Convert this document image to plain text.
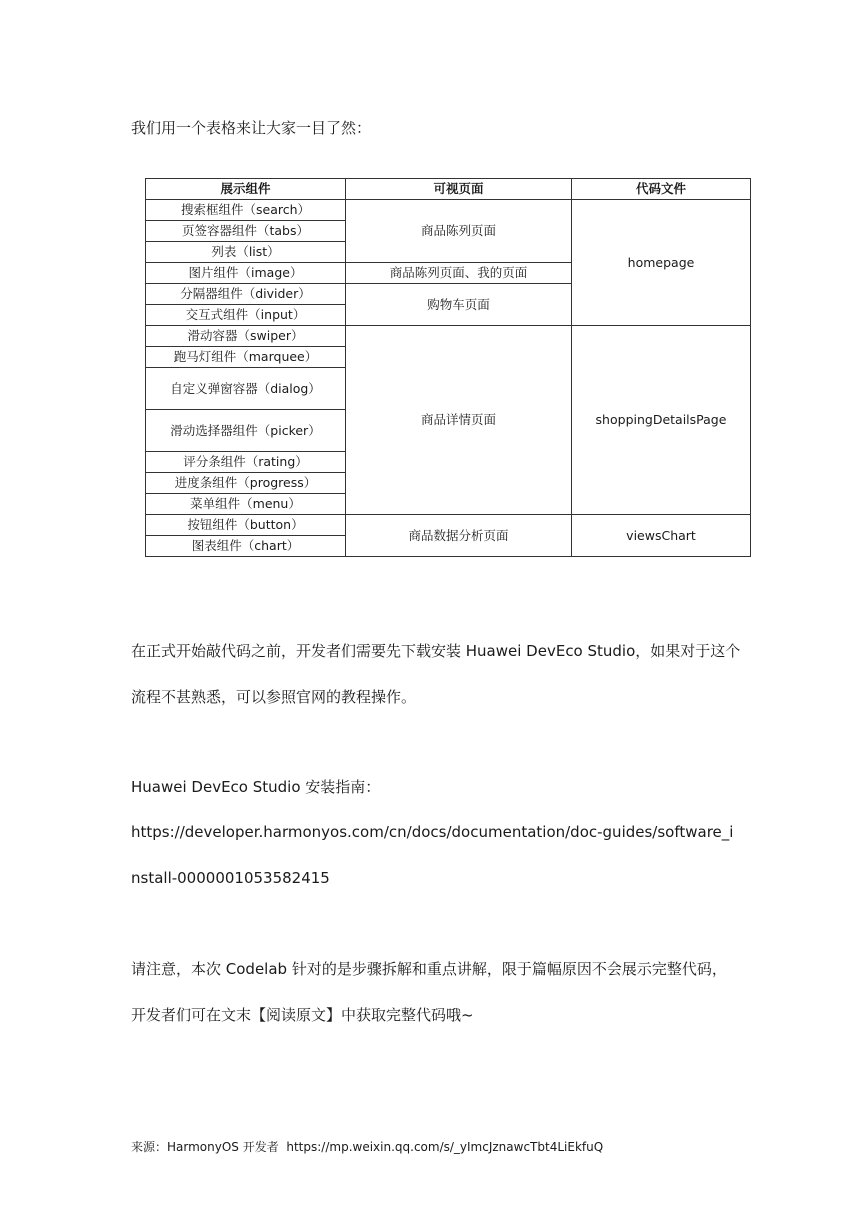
我们用一个表格来让大家一目了然：

展示组件	可视页面	代码文件
搜索框组件（search）	商品陈列页面	homepage
页签容器组件（tabs）		
列表（list）		
图片组件（image）	商品陈列页面、我的页面	
分隔器组件（divider）	购物车页面	
交互式组件（input）		
滑动容器（swiper）	商品详情页面	shoppingDetailsPage
跑马灯组件（marquee）		
自定义弹窗容器（dialog）		
滑动选择器组件（picker）		
评分条组件（rating）		
进度条组件（progress）		
菜单组件（menu）		
按钮组件（button）	商品数据分析页面	viewsChart
图表组件（chart）		

在正式开始敲代码之前，开发者们需要先下载安装 Huawei DevEco Studio，如果对于这个

流程不甚熟悉，可以参照官网的教程操作。

Huawei DevEco Studio 安装指南：

https://developer.harmonyos.com/cn/docs/documentation/doc-guides/software_i

nstall-0000001053582415

请注意，本次 Codelab 针对的是步骤拆解和重点讲解，限于篇幅原因不会展示完整代码，

开发者们可在文末【阅读原文】中获取完整代码哦~

来源：HarmonyOS 开发者 https://mp.weixin.qq.com/s/_yImcJznawcTbt4LiEkfuQ
